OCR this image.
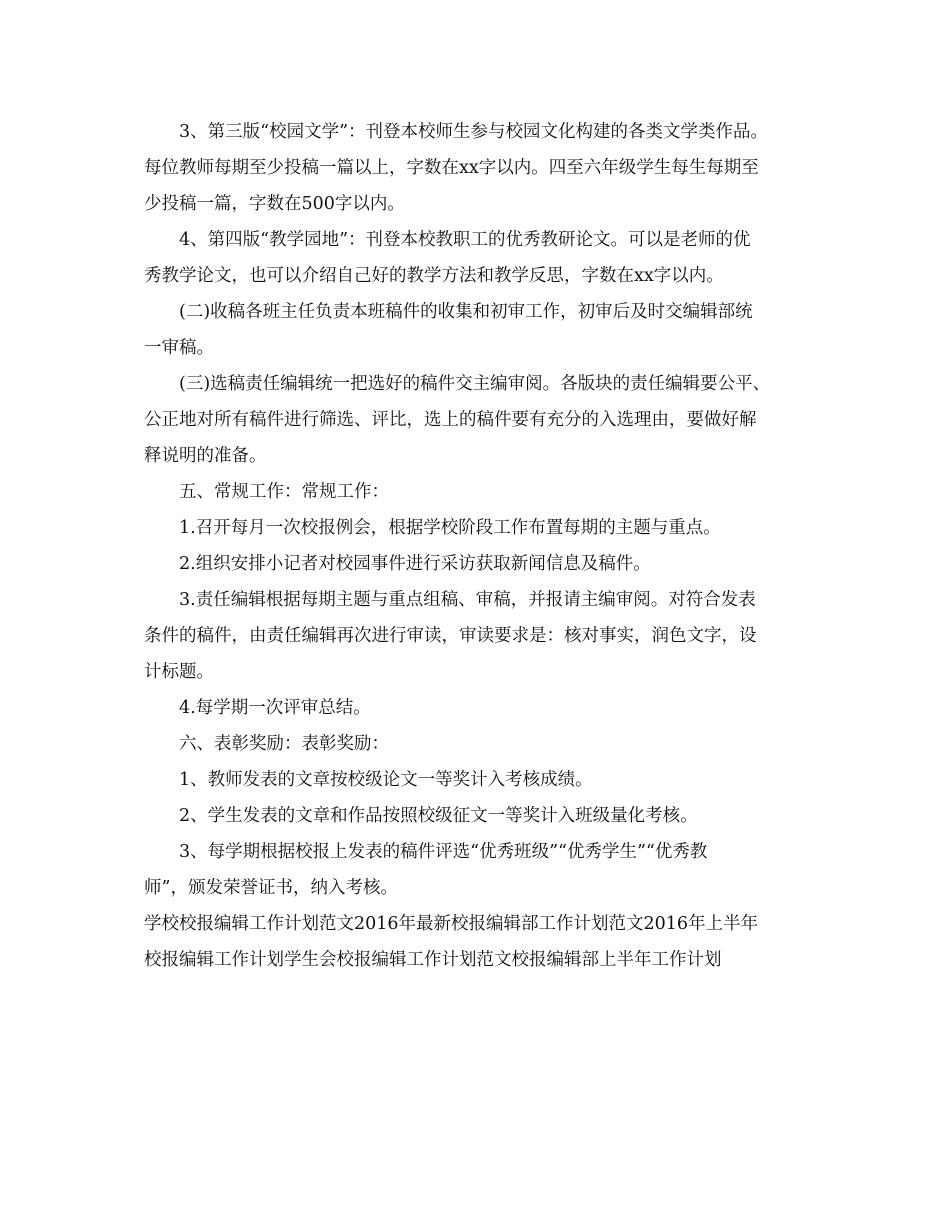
3、第三版“校园文学”：刊登本校师生参与校园文化构建的各类文学类作品。
每位教师每期至少投稿一篇以上，字数在xx字以内。四至六年级学生每生每期至
少投稿一篇，字数在500字以内。
4、第四版“教学园地”：刊登本校教职工的优秀教研论文。可以是老师的优
秀教学论文，也可以介绍自己好的教学方法和教学反思，字数在xx字以内。
(二)收稿各班主任负责本班稿件的收集和初审工作，初审后及时交编辑部统
一审稿。
(三)选稿责任编辑统一把选好的稿件交主编审阅。各版块的责任编辑要公平、
公正地对所有稿件进行筛选、评比，选上的稿件要有充分的入选理由，要做好解
释说明的准备。
五、常规工作：常规工作：
1.召开每月一次校报例会，根据学校阶段工作布置每期的主题与重点。
2.组织安排小记者对校园事件进行采访获取新闻信息及稿件。
3.责任编辑根据每期主题与重点组稿、审稿，并报请主编审阅。对符合发表
条件的稿件，由责任编辑再次进行审读，审读要求是：核对事实，润色文字，设
计标题。
4.每学期一次评审总结。
六、表彰奖励：表彰奖励：
1、教师发表的文章按校级论文一等奖计入考核成绩。
2、学生发表的文章和作品按照校级征文一等奖计入班级量化考核。
3、每学期根据校报上发表的稿件评选“优秀班级”“优秀学生”“优秀教
师”，颁发荣誉证书，纳入考核。
学校校报编辑工作计划范文2016年最新校报编辑部工作计划范文2016年上半年
校报编辑工作计划学生会校报编辑工作计划范文校报编辑部上半年工作计划
